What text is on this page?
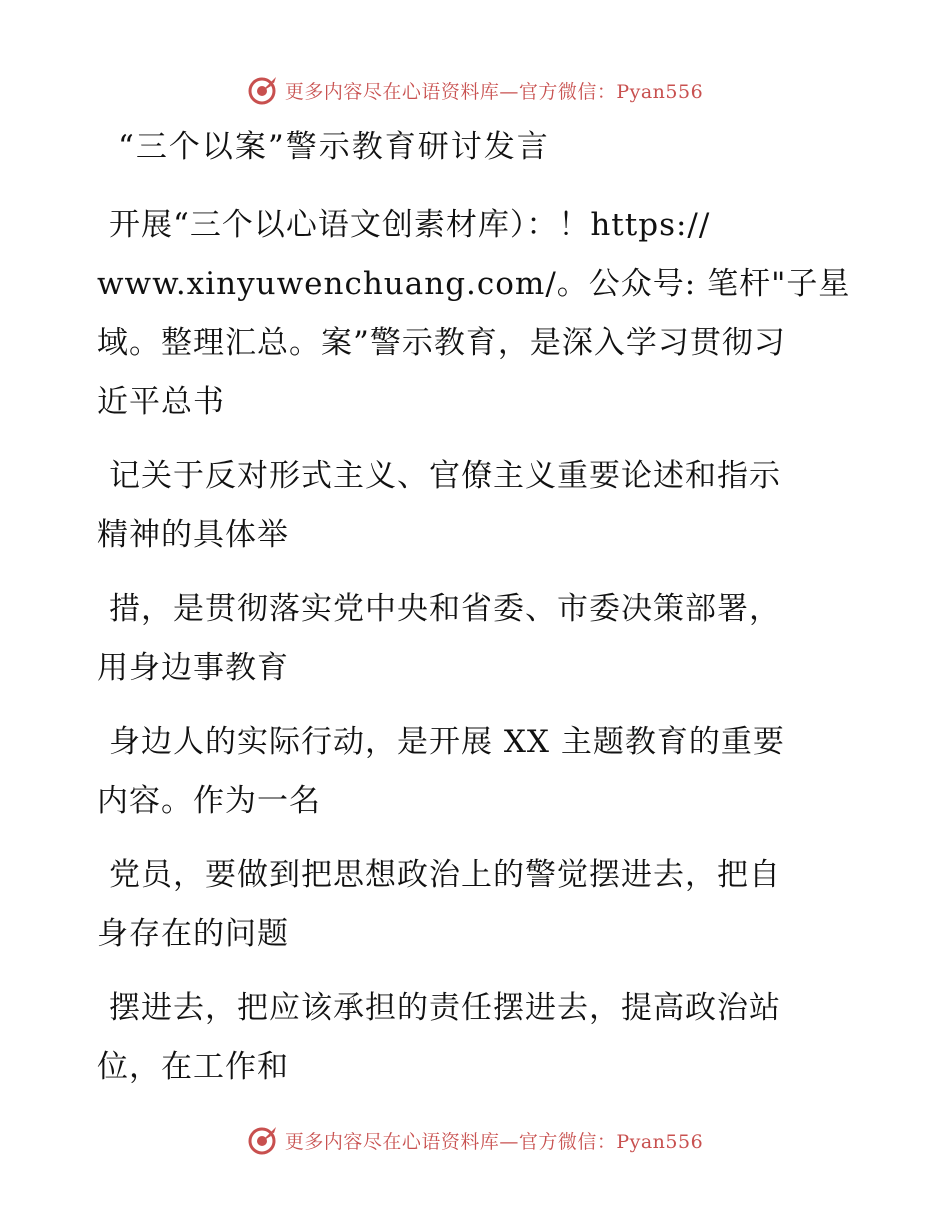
更多内容尽在心语资料库—官方微信：Pyan556
“三个以案”警示教育研讨发言
开展“三个以心语文创素材库）：！https://
www.xinyuwenchuang.com/。公众号: 笔杆"子星
域。整理汇总。案”警示教育，是深入学习贯彻习
近平总书
记关于反对形式主义、官僚主义重要论述和指示
精神的具体举
措，是贯彻落实党中央和省委、市委决策部署，
用身边事教育
身边人的实际行动，是开展 XX 主题教育的重要
内容。作为一名
党员，要做到把思想政治上的警觉摆进去，把自
身存在的问题
摆进去，把应该承担的责任摆进去，提高政治站
位，在工作和
更多内容尽在心语资料库—官方微信：Pyan556
